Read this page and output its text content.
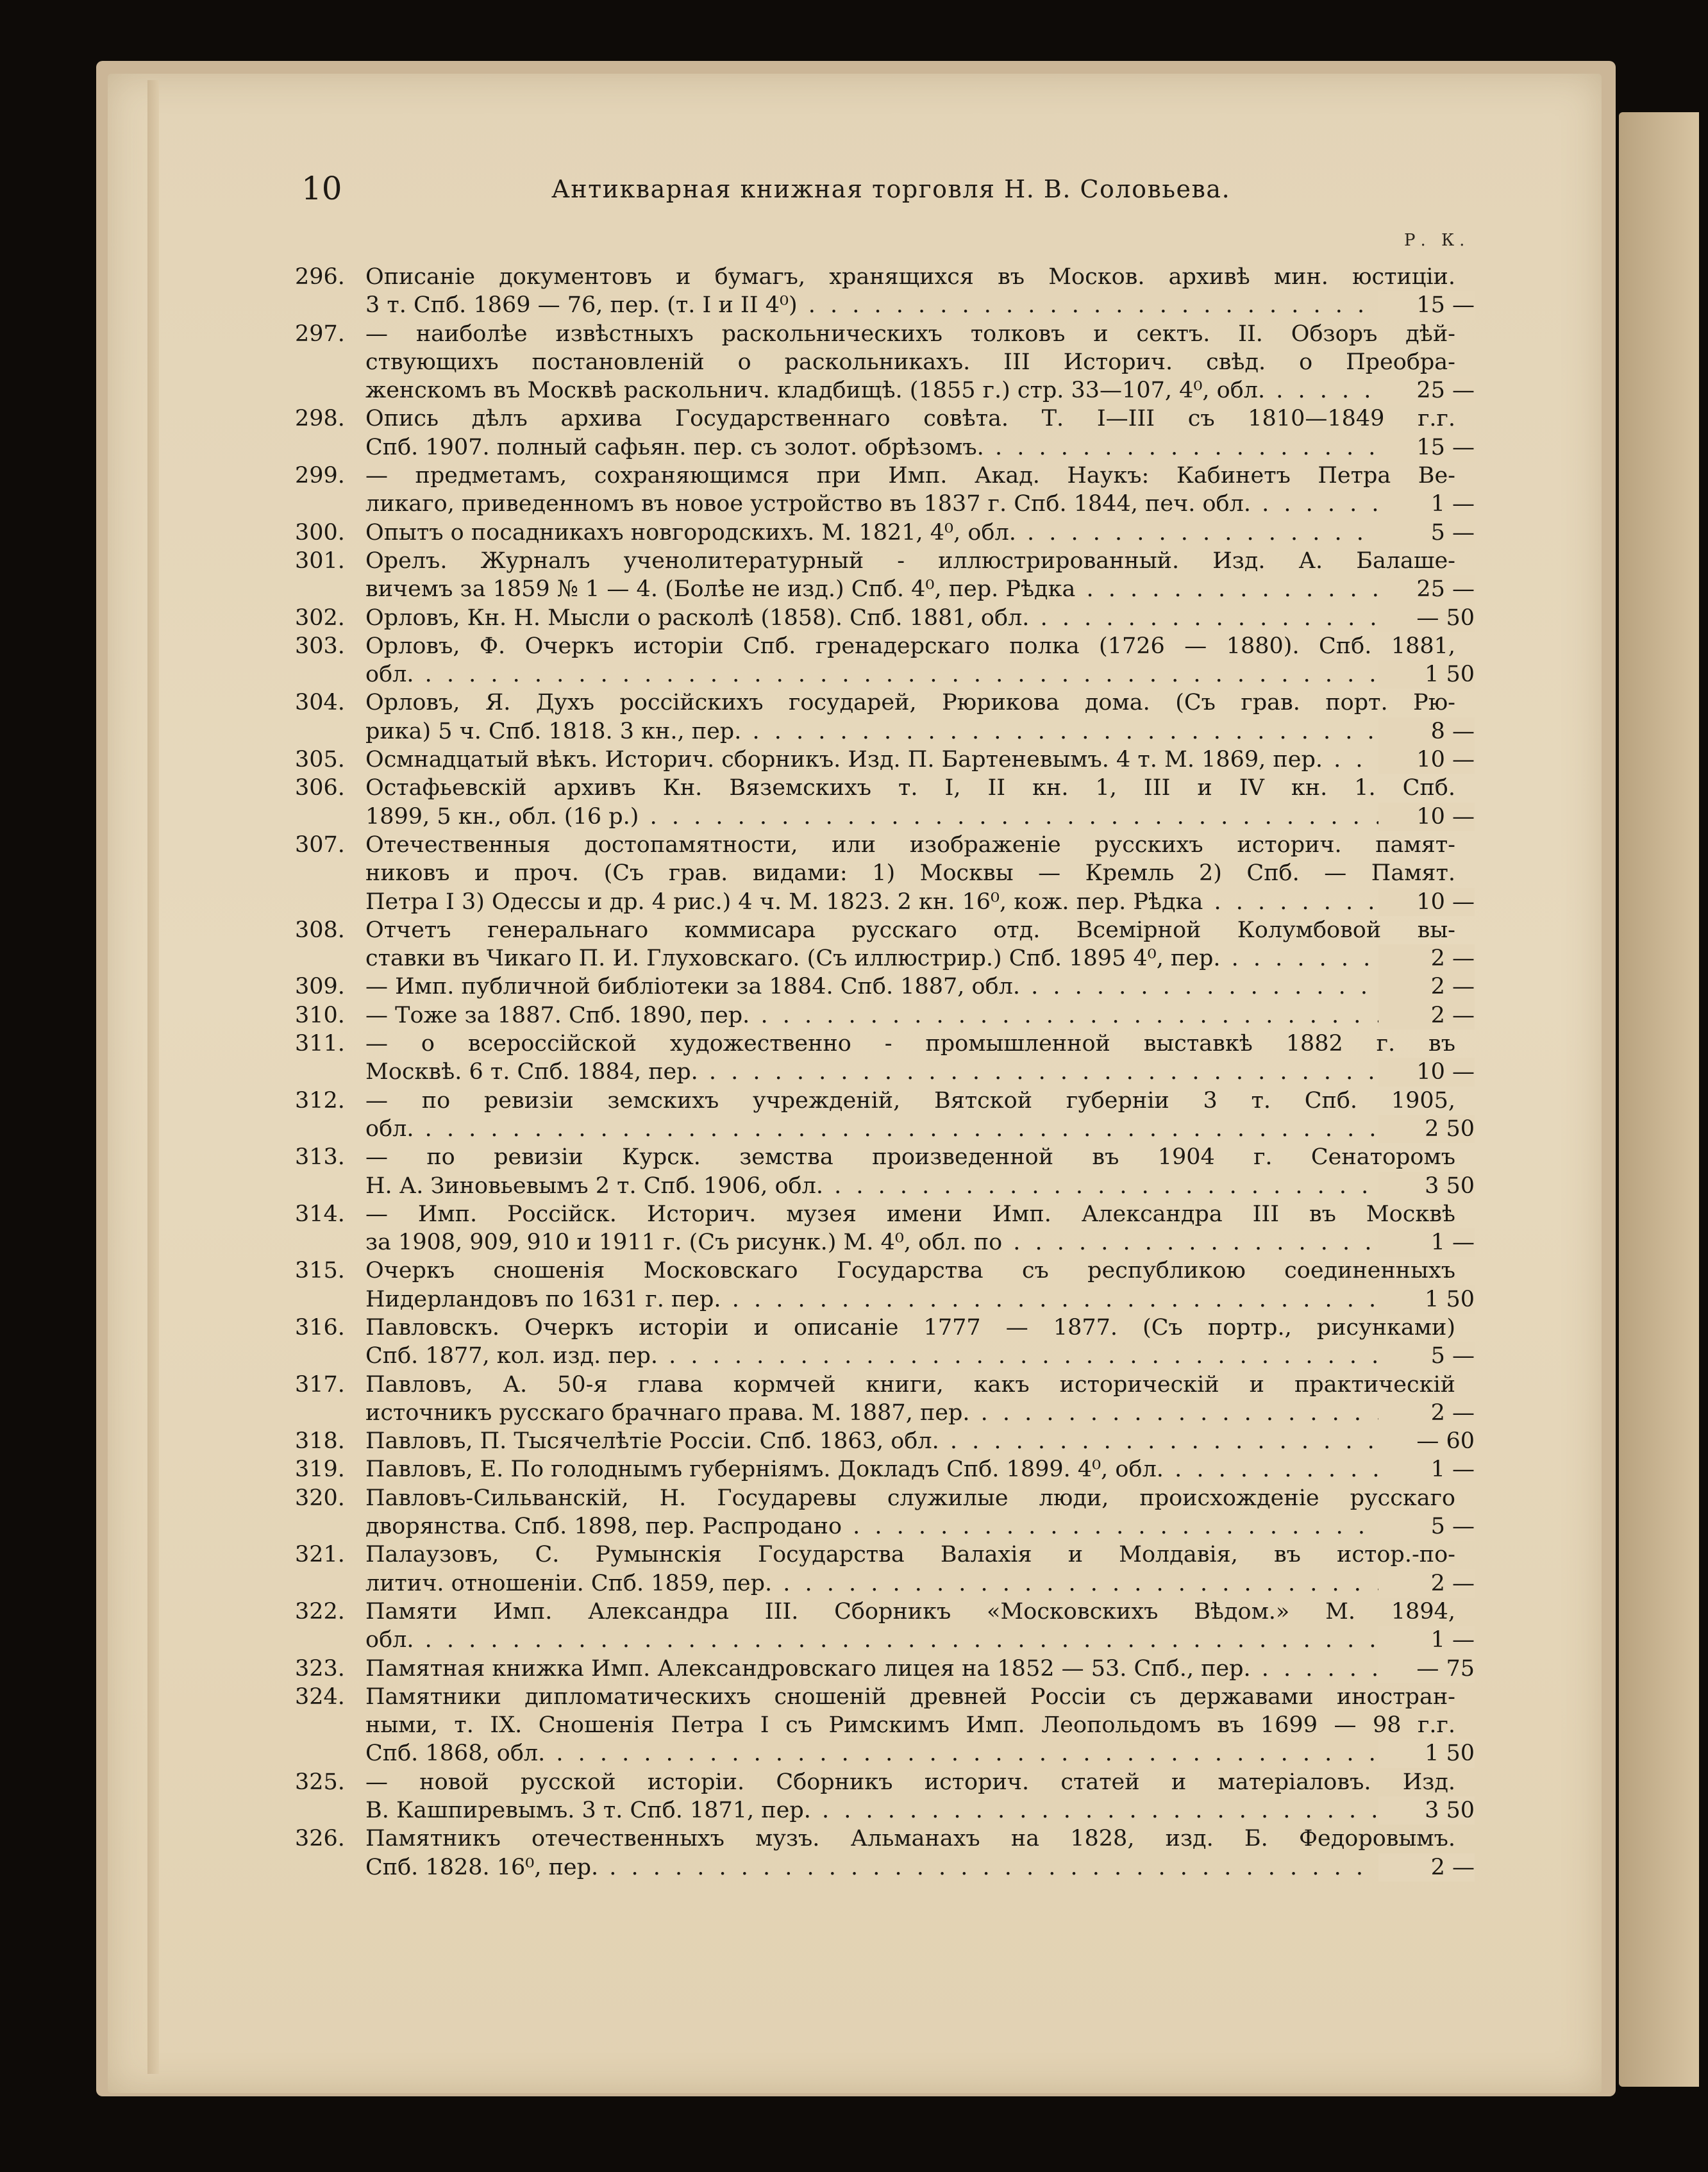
10	Антикварная книжная торговля Н. В. Соловьева.
Р. К.
296. Описаніе документовъ и бумагъ, хранящихся въ Москов. архивѣ мин. юстиціи.
3 т. Спб. 1869 — 76, пер. (т. I и II 4⁰) . . .	15 —
297. — наиболѣе извѣстныхъ раскольническихъ толковъ и сектъ. II. Обзоръ дѣй-
ствующихъ постановленій о раскольникахъ. III Историч. свѣд. о Преобра-
женскомъ въ Москвѣ раскольнич. кладбищѣ. (1855 г.) стр. 33—107, 4⁰, обл. . . .	25 —
298. Опись дѣлъ архива Государственнаго совѣта. Т. I—III съ 1810—1849 г.г.
Спб. 1907. полный сафьян. пер. съ золот. обрѣзомъ. . . .	15 —
299. — предметамъ, сохраняющимся при Имп. Акад. Наукъ: Кабинетъ Петра Ве-
ликаго, приведенномъ въ новое устройство въ 1837 г. Спб. 1844, печ. обл. . . .	1 —
300. Опытъ о посадникахъ новгородскихъ. М. 1821, 4⁰, обл. . . .	5 —
301. Орелъ. Журналъ ученолитературный - иллюстрированный. Изд. А. Балаше-
вичемъ за 1859 № 1 — 4. (Болѣе не изд.) Спб. 4⁰, пер. Рѣдка . . .	25 —
302. Орловъ, Кн. Н. Мысли о расколѣ (1858). Спб. 1881, обл. . . .	— 50
303. Орловъ, Ф. Очеркъ исторіи Спб. гренадерскаго полка (1726 — 1880). Спб. 1881,
обл. . . .	1 50
304. Орловъ, Я. Духъ россійскихъ государей, Рюрикова дома. (Съ грав. порт. Рю-
рика) 5 ч. Спб. 1818. 3 кн., пер. . . .	8 —
305. Осмнадцатый вѣкъ. Историч. сборникъ. Изд. П. Бартеневымъ. 4 т. М. 1869, пер. . . .	10 —
306. Остафьевскій архивъ Кн. Вяземскихъ т. I, II кн. 1, III и IV кн. 1. Спб.
1899, 5 кн., обл. (16 р.) . . .	10 —
307. Отечественныя достопамятности, или изображеніе русскихъ историч. памят-
никовъ и проч. (Съ грав. видами: 1) Москвы — Кремль 2) Спб. — Памят.
Петра I 3) Одессы и др. 4 рис.) 4 ч. М. 1823. 2 кн. 16⁰, кож. пер. Рѣдка . . .	10 —
308. Отчетъ генеральнаго коммисара русскаго отд. Всемірной Колумбовой вы-
ставки въ Чикаго П. И. Глуховскаго. (Съ иллюстрир.) Спб. 1895 4⁰, пер. . . .	2 —
309. — Имп. публичной библіотеки за 1884. Спб. 1887, обл. . . .	2 —
310. — Тоже за 1887. Спб. 1890, пер. . . .	2 —
311. — о всероссійской художественно - промышленной выставкѣ 1882 г. въ
Москвѣ. 6 т. Спб. 1884, пер. . . .	10 —
312. — по ревизіи земскихъ учрежденій, Вятской губерніи 3 т. Спб. 1905,
обл. . . .	2 50
313. — по ревизіи Курск. земства произведенной въ 1904 г. Сенаторомъ
Н. А. Зиновьевымъ 2 т. Спб. 1906, обл. . . .	3 50
314. — Имп. Россійск. Историч. музея имени Имп. Александра III въ Москвѣ
за 1908, 909, 910 и 1911 г. (Съ рисунк.) М. 4⁰, обл. по . . .	1 —
315. Очеркъ сношенія Московскаго Государства съ республикою соединенныхъ
Нидерландовъ по 1631 г. пер. . . .	1 50
316. Павловскъ. Очеркъ исторіи и описаніе 1777 — 1877. (Съ портр., рисунками)
Спб. 1877, кол. изд. пер. . . .	5 —
317. Павловъ, А. 50-я глава кормчей книги, какъ историческій и практическій
источникъ русскаго брачнаго права. М. 1887, пер. . . .	2 —
318. Павловъ, П. Тысячелѣтіе Россіи. Спб. 1863, обл. . . .	— 60
319. Павловъ, Е. По голоднымъ губерніямъ. Докладъ Спб. 1899. 4⁰, обл. . . .	1 —
320. Павловъ-Сильванскій, Н. Государевы служилые люди, происхожденіе русскаго
дворянства. Спб. 1898, пер. Распродано . . .	5 —
321. Палаузовъ, С. Румынскія Государства Валахія и Молдавія, въ истор.-по-
литич. отношеніи. Спб. 1859, пер. . . .	2 —
322. Памяти Имп. Александра III. Сборникъ «Московскихъ Вѣдом.» М. 1894,
обл. . . .	1 —
323. Памятная книжка Имп. Александровскаго лицея на 1852 — 53. Спб., пер. . . .	— 75
324. Памятники дипломатическихъ сношеній древней Россіи съ державами иностран-
ными, т. IX. Сношенія Петра I съ Римскимъ Имп. Леопольдомъ въ 1699 — 98 г.г.
Спб. 1868, обл. . . .	1 50
325. — новой русской исторіи. Сборникъ историч. статей и матеріаловъ. Изд.
В. Кашпиревымъ. 3 т. Спб. 1871, пер. . . .	3 50
326. Памятникъ отечественныхъ музъ. Альманахъ на 1828, изд. Б. Федоровымъ.
Спб. 1828. 16⁰, пер. . . .	2 —
